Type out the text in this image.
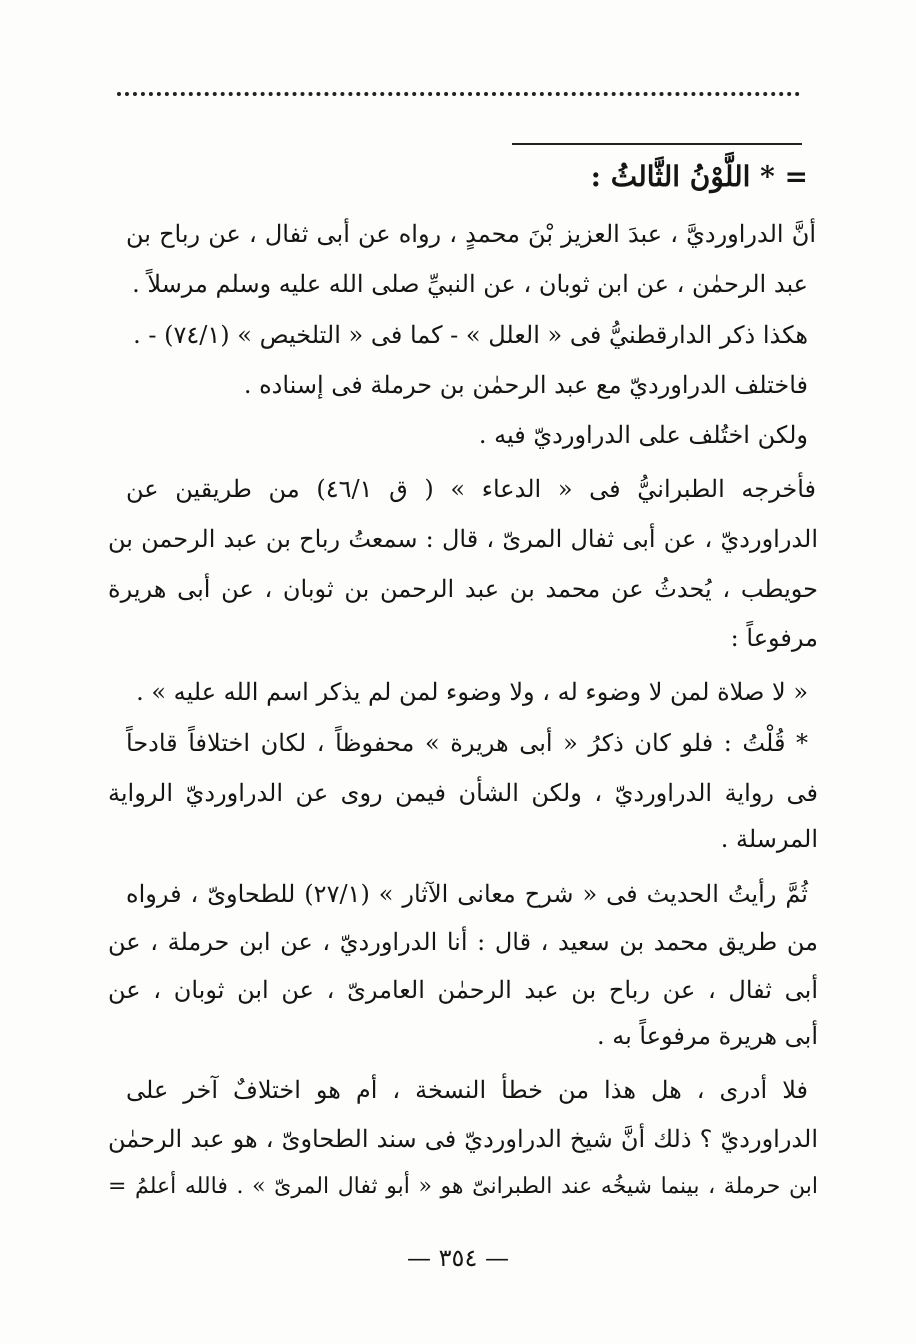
= * اللَّوْنُ الثَّالثُ :
أنَّ الدراورديَّ ، عبدَ العزيز بْنَ محمدٍ ، رواه عن أبى ثفال ، عن رباح بن
عبد الرحمٰن ، عن ابن ثوبان ، عن النبيِّ صلى الله عليه وسلم مرسلاً .
هكذا ذكر الدارقطنيُّ فى « العلل » - كما فى « التلخيص » (٧٤/١) - .
فاختلف الدراورديّ مع عبد الرحمٰن بن حرملة فى إسناده .
ولكن اختُلف على الدراورديّ فيه .
فأخرجه الطبرانيُّ فى « الدعاء » ( ق ٤٦/١) من طريقين عن
الدراورديّ ، عن أبى ثفال المرىّ ، قال : سمعتُ رباح بن عبد الرحمن بن
حويطب ، يُحدثُ عن محمد بن عبد الرحمن بن ثوبان ، عن أبى هريرة
مرفوعاً :
« لا صلاة لمن لا وضوء له ، ولا وضوء لمن لم يذكر اسم الله عليه » .
* قُلْتُ : فلو كان ذكرُ « أبى هريرة » محفوظاً ، لكان اختلافاً قادحاً
فى رواية الدراورديّ ، ولكن الشأن فيمن روى عن الدراورديّ الرواية
المرسلة .
ثُمَّ رأيتُ الحديث فى « شرح معانى الآثار » (٢٧/١) للطحاوىّ ، فرواه
من طريق محمد بن سعيد ، قال : أنا الدراورديّ ، عن ابن حرملة ، عن
أبى ثفال ، عن رباح بن عبد الرحمٰن العامرىّ ، عن ابن ثوبان ، عن
أبى هريرة مرفوعاً به .
فلا أدرى ، هل هذا من خطأ النسخة ، أم هو اختلافٌ آخر على
الدراورديّ ؟ ذلك أنَّ شيخ الدراورديّ فى سند الطحاوىّ ، هو عبد الرحمٰن
ابن حرملة ، بينما شيخُه عند الطبرانىّ هو « أبو ثفال المرىّ » . فالله أعلمُ =
— ٣٥٤ —
